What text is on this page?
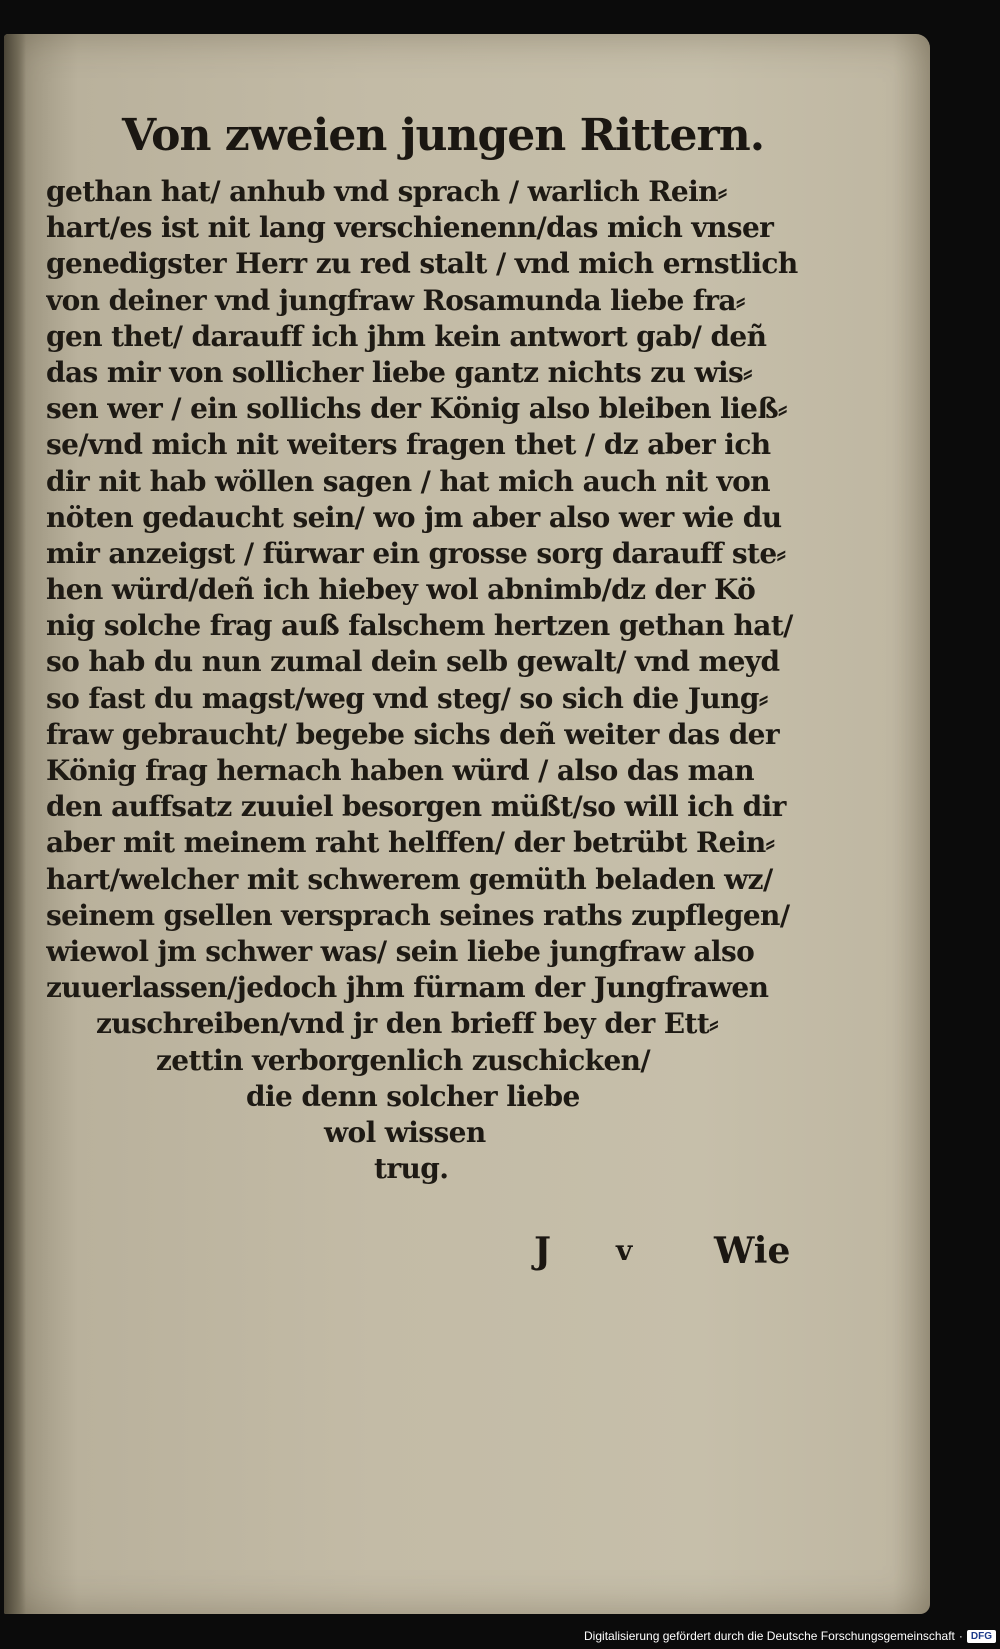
Von zweien jungen Rittern.
gethan hat/ anhub vnd sprach / warlich Rein⸗
hart/es ist nit lang verschienenn/das mich vnser
genedigster Herr zu red stalt / vnd mich ernstlich
von deiner vnd jungfraw Rosamunda liebe fra⸗
gen thet/ darauff ich jhm kein antwort gab/ deñ
das mir von sollicher liebe gantz nichts zu wis⸗
sen wer / ein sollichs der König also bleiben ließ⸗
se/vnd mich nit weiters fragen thet / dz aber ich
dir nit hab wöllen sagen / hat mich auch nit von
nöten gedaucht sein/ wo jm aber also wer wie du
mir anzeigst / fürwar ein grosse sorg darauff ste⸗
hen würd/deñ ich hiebey wol abnimb/dz der Kö
nig solche frag auß falschem hertzen gethan hat/
so hab du nun zumal dein selb gewalt/ vnd meyd
so fast du magst/weg vnd steg/ so sich die Jung⸗
fraw gebraucht/ begebe sichs deñ weiter das der
König frag hernach haben würd / also das man
den auffsatz zuuiel besorgen müßt/so will ich dir
aber mit meinem raht helffen/ der betrübt Rein⸗
hart/welcher mit schwerem gemüth beladen wz/
seinem gsellen versprach seines raths zupflegen/
wiewol jm schwer was/ sein liebe jungfraw also
zuuerlassen/jedoch jhm fürnam der Jungfrawen
zuschreiben/vnd jr den brieff bey der Ett⸗
zettin verborgenlich zuschicken/
die denn solcher liebe
wol wissen
trug.
J v Wie
Digitalisierung gefördert durch die Deutsche Forschungsgemeinschaft · DFG
